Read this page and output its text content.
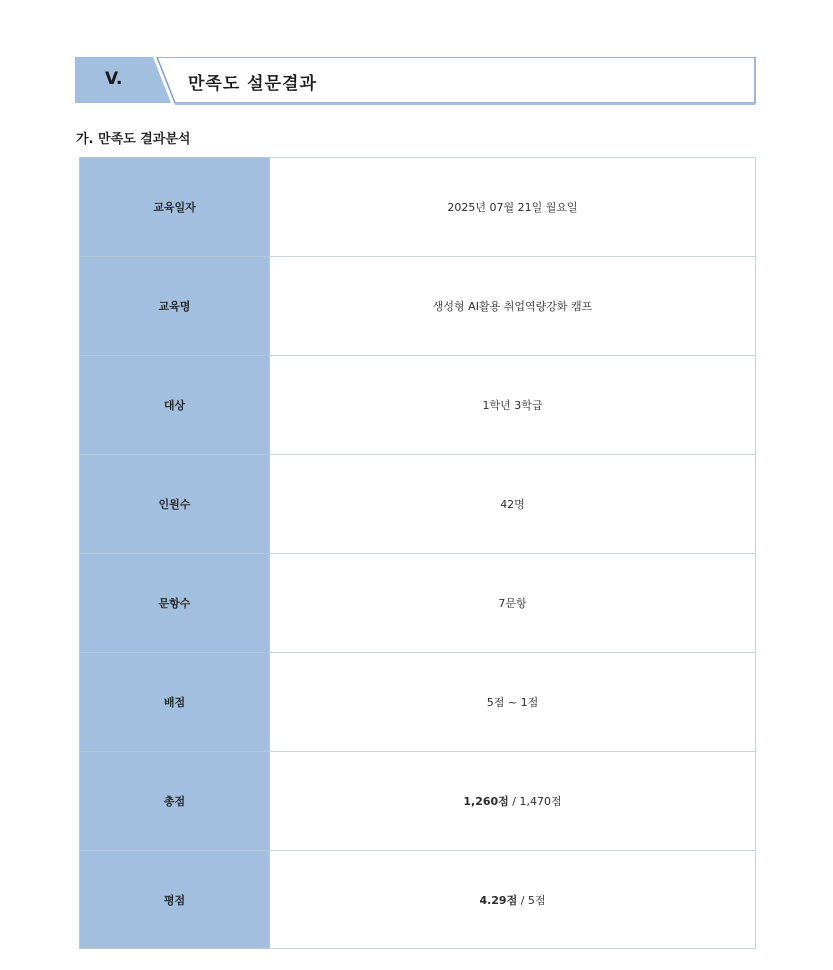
V.	만족도 설문결과
가. 만족도 결과분석
교육일자	2025년 07월 21일 월요일
교육명	생성형 AI활용 취업역량강화 캠프
대상	1학년 3학급
인원수	42명
문항수	7문항
배점	5점 ~ 1점
총점	1,260점 / 1,470점
평점	4.29점 / 5점
